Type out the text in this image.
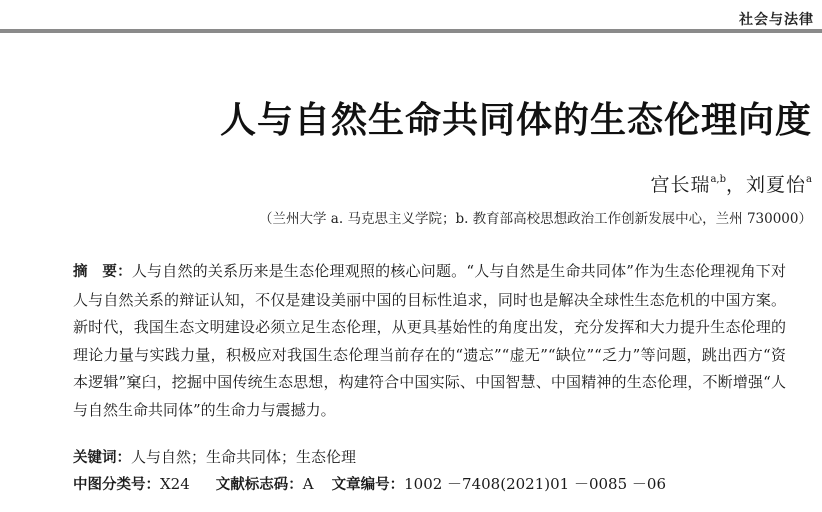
社会与法律
人与自然生命共同体的生态伦理向度
宫长瑞$^{a,b}$，刘夏怡$^a$
（兰州大学 a. 马克思主义学院；b. 教育部高校思想政治工作创新发展中心，兰州 730000）
摘　要：人与自然的关系历来是生态伦理观照的核心问题。“人与自然是生命共同体”作为生态伦理视角下对人与自然关系的辩证认知，不仅是建设美丽中国的目标性追求，同时也是解决全球性生态危机的中国方案。新时代，我国生态文明建设必须立足生态伦理，从更具基始性的角度出发，充分发挥和大力提升生态伦理的理论力量与实践力量，积极应对我国生态伦理当前存在的“遗忘”“虚无”“缺位”“乏力”等问题，跳出西方“资本逻辑”窠臼，挖掘中国传统生态思想，构建符合中国实际、中国智慧、中国精神的生态伦理，不断增强“人与自然生命共同体”的生命力与震撼力。
关键词：人与自然；生命共同体；生态伦理
中图分类号：X24 文献标志码：A 文章编号：1002 －7408(2021)01 －0085 －06
